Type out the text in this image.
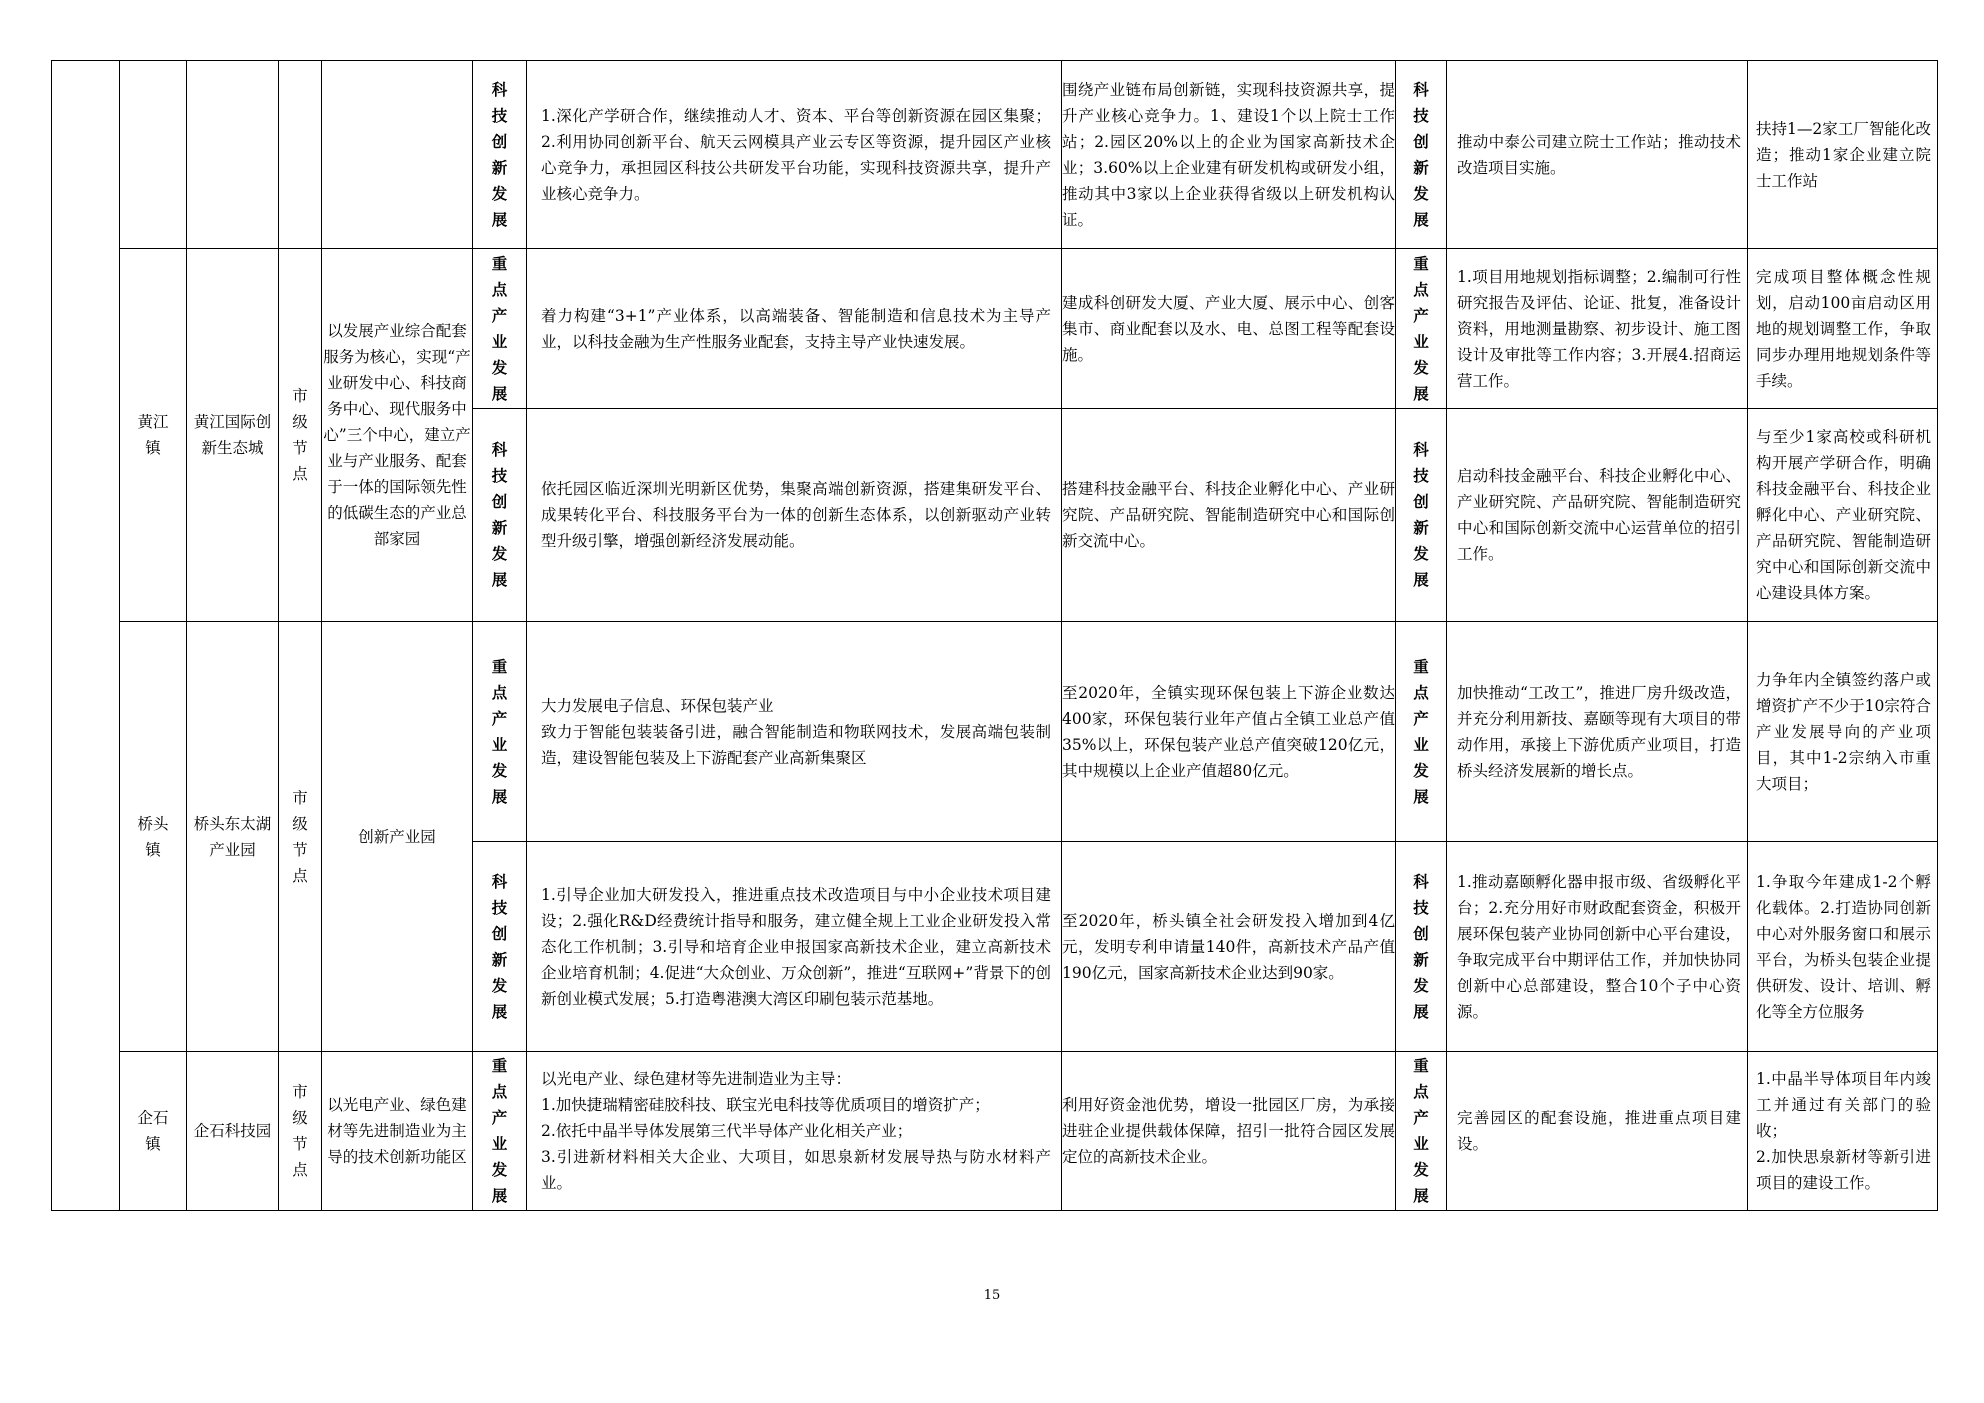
					科技创新发展	1.深化产学研合作，继续推动人才、资本、平台等创新资源在园区集聚；2.利用协同创新平台、航天云网模具产业云专区等资源，提升园区产业核心竞争力，承担园区科技公共研发平台功能，实现科技资源共享，提升产业核心竞争力。	围绕产业链布局创新链，实现科技资源共享，提升产业核心竞争力。1、建设1个以上院士工作站；2.园区20%以上的企业为国家高新技术企业；3.60%以上企业建有研发机构或研发小组，推动其中3家以上企业获得省级以上研发机构认证。	科技创新发展	推动中泰公司建立院士工作站；推动技术改造项目实施。	扶持1—2家工厂智能化改造；推动1家企业建立院士工作站

	黄江镇	黄江国际创新生态城	市级节点	以发展产业综合配套服务为核心，实现“产业研发中心、科技商务中心、现代服务中心”三个中心，建立产业与产业服务、配套于一体的国际领先性的低碳生态的产业总部家园	重点产业发展	着力构建“3+1”产业体系，以高端装备、智能制造和信息技术为主导产业，以科技金融为生产性服务业配套，支持主导产业快速发展。	建成科创研发大厦、产业大厦、展示中心、创客集市、商业配套以及水、电、总图工程等配套设施。	重点产业发展	1.项目用地规划指标调整；2.编制可行性研究报告及评估、论证、批复，准备设计资料，用地测量勘察、初步设计、施工图设计及审批等工作内容；3.开展4.招商运营工作。	完成项目整体概念性规划，启动100亩启动区用地的规划调整工作，争取同步办理用地规划条件等手续。

					科技创新发展	依托园区临近深圳光明新区优势，集聚高端创新资源，搭建集研发平台、成果转化平台、科技服务平台为一体的创新生态体系，以创新驱动产业转型升级引擎，增强创新经济发展动能。	搭建科技金融平台、科技企业孵化中心、产业研究院、产品研究院、智能制造研究中心和国际创新交流中心。	科技创新发展	启动科技金融平台、科技企业孵化中心、产业研究院、产品研究院、智能制造研究中心和国际创新交流中心运营单位的招引工作。	与至少1家高校或科研机构开展产学研合作，明确科技金融平台、科技企业孵化中心、产业研究院、产品研究院、智能制造研究中心和国际创新交流中心建设具体方案。

	桥头镇	桥头东太湖产业园	市级节点	创新产业园	重点产业发展	大力发展电子信息、环保包装产业
致力于智能包装装备引进，融合智能制造和物联网技术，发展高端包装制造，建设智能包装及上下游配套产业高新集聚区	至2020年，全镇实现环保包装上下游企业数达400家，环保包装行业年产值占全镇工业总产值35%以上，环保包装产业总产值突破120亿元，其中规模以上企业产值超80亿元。	重点产业发展	加快推动“工改工”，推进厂房升级改造，并充分利用新技、嘉颐等现有大项目的带动作用，承接上下游优质产业项目，打造桥头经济发展新的增长点。	力争年内全镇签约落户或增资扩产不少于10宗符合产业发展导向的产业项目，其中1-2宗纳入市重大项目；

					科技创新发展	1.引导企业加大研发投入，推进重点技术改造项目与中小企业技术项目建设；2.强化R&D经费统计指导和服务，建立健全规上工业企业研发投入常态化工作机制；3.引导和培育企业申报国家高新技术企业，建立高新技术企业培育机制；4.促进“大众创业、万众创新”，推进“互联网+”背景下的创新创业模式发展；5.打造粤港澳大湾区印刷包装示范基地。	至2020年，桥头镇全社会研发投入增加到4亿元，发明专利申请量140件，高新技术产品产值190亿元，国家高新技术企业达到90家。	科技创新发展	1.推动嘉颐孵化器申报市级、省级孵化平台；2.充分用好市财政配套资金，积极开展环保包装产业协同创新中心平台建设，争取完成平台中期评估工作，并加快协同创新中心总部建设，整合10个子中心资源。	1.争取今年建成1-2个孵化载体。2.打造协同创新中心对外服务窗口和展示平台，为桥头包装企业提供研发、设计、培训、孵化等全方位服务

	企石镇	企石科技园	市级节点	以光电产业、绿色建材等先进制造业为主导的技术创新功能区	重点产业发展	以光电产业、绿色建材等先进制造业为主导：
1.加快捷瑞精密硅胶科技、联宝光电科技等优质项目的增资扩产；
2.依托中晶半导体发展第三代半导体产业化相关产业；
3.引进新材料相关大企业、大项目，如思泉新材发展导热与防水材料产业。	利用好资金池优势，增设一批园区厂房，为承接进驻企业提供载体保障，招引一批符合园区发展定位的高新技术企业。	重点产业发展	完善园区的配套设施，推进重点项目建设。	1.中晶半导体项目年内竣工并通过有关部门的验收；
2.加快思泉新材等新引进项目的建设工作。
15
